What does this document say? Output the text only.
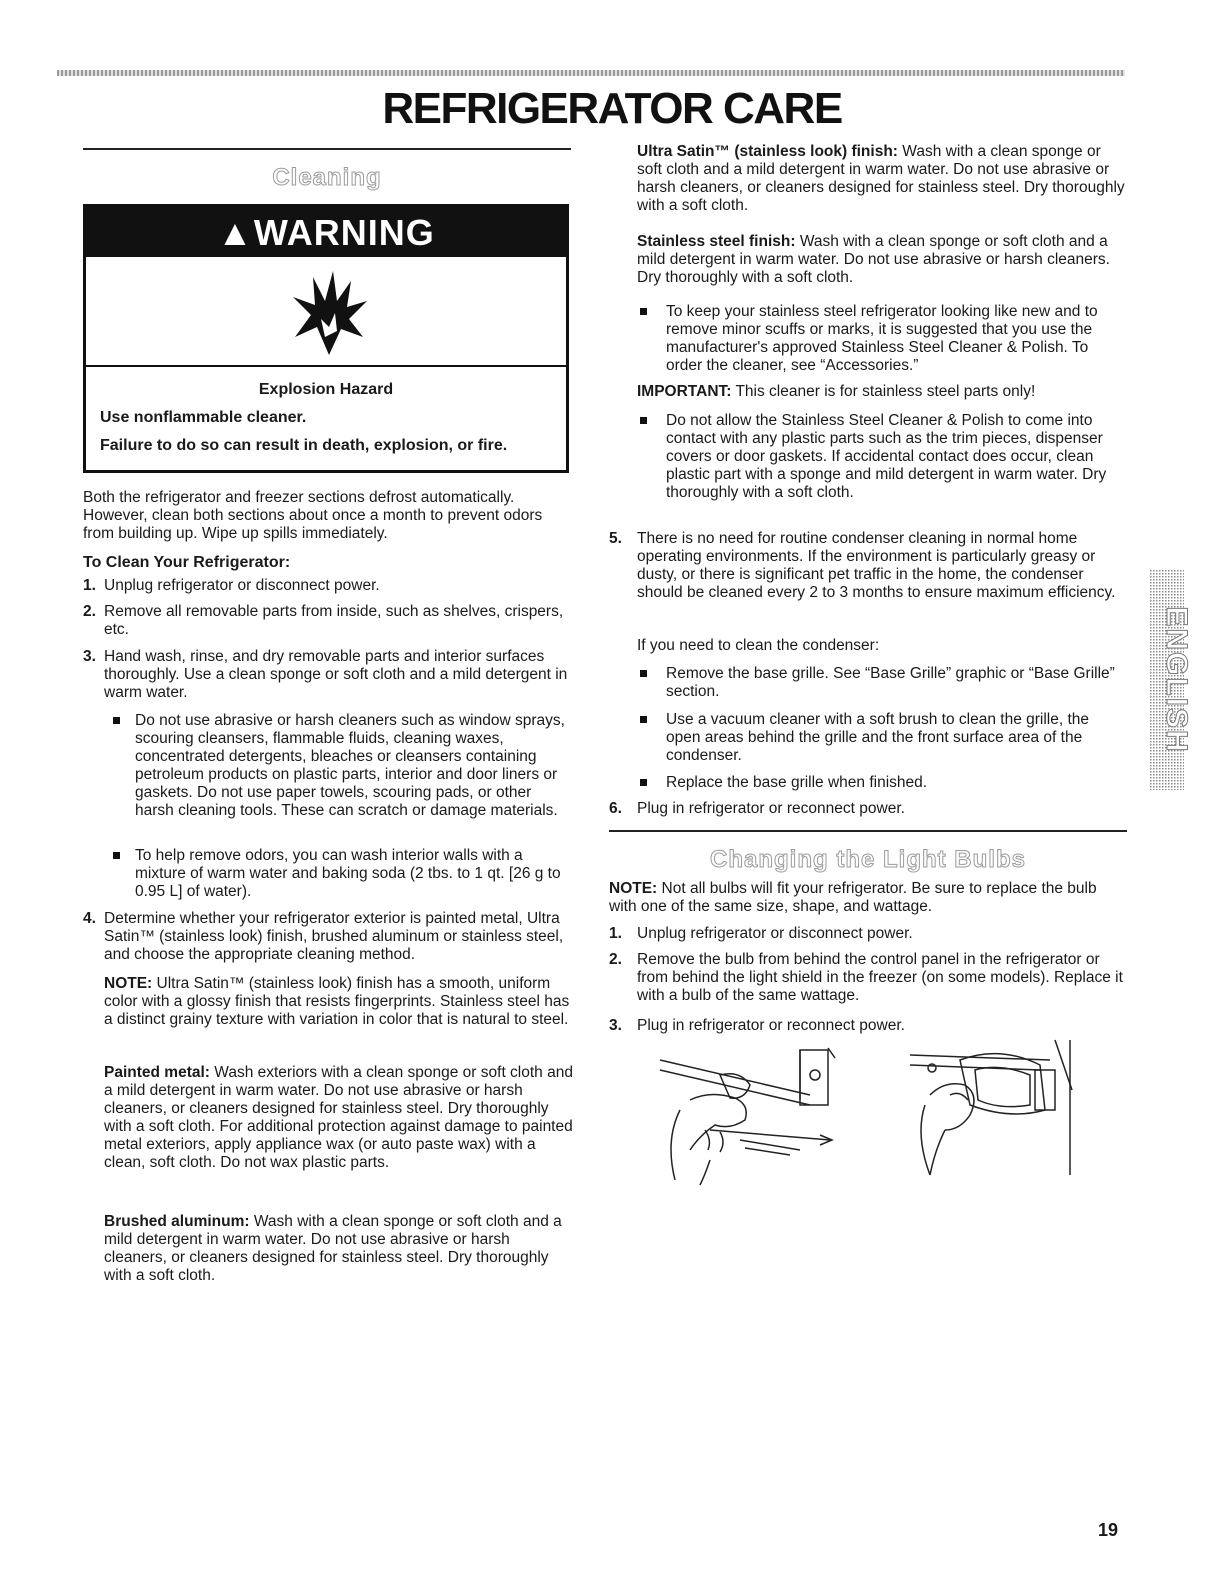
REFRIGERATOR CARE
Cleaning
▲WARNING

Explosion Hazard

Use nonflammable cleaner.

Failure to do so can result in death, explosion, or fire.

Both the refrigerator and freezer sections defrost automatically. However, clean both sections about once a month to prevent odors from building up. Wipe up spills immediately.

To Clean Your Refrigerator:

1. Unplug refrigerator or disconnect power.

2. Remove all removable parts from inside, such as shelves, crispers, etc.

3. Hand wash, rinse, and dry removable parts and interior surfaces thoroughly. Use a clean sponge or soft cloth and a mild detergent in warm water.

Do not use abrasive or harsh cleaners such as window sprays, scouring cleansers, flammable fluids, cleaning waxes, concentrated detergents, bleaches or cleansers containing petroleum products on plastic parts, interior and door liners or gaskets. Do not use paper towels, scouring pads, or other harsh cleaning tools. These can scratch or damage materials.

To help remove odors, you can wash interior walls with a mixture of warm water and baking soda (2 tbs. to 1 qt. [26 g to 0.95 L] of water).

4. Determine whether your refrigerator exterior is painted metal, Ultra Satin™ (stainless look) finish, brushed aluminum or stainless steel, and choose the appropriate cleaning method.

NOTE: Ultra Satin™ (stainless look) finish has a smooth, uniform color with a glossy finish that resists fingerprints. Stainless steel has a distinct grainy texture with variation in color that is natural to steel.

Painted metal: Wash exteriors with a clean sponge or soft cloth and a mild detergent in warm water. Do not use abrasive or harsh cleaners, or cleaners designed for stainless steel. Dry thoroughly with a soft cloth. For additional protection against damage to painted metal exteriors, apply appliance wax (or auto paste wax) with a clean, soft cloth. Do not wax plastic parts.

Brushed aluminum: Wash with a clean sponge or soft cloth and a mild detergent in warm water. Do not use abrasive or harsh cleaners, or cleaners designed for stainless steel. Dry thoroughly with a soft cloth.

Ultra Satin™ (stainless look) finish: Wash with a clean sponge or soft cloth and a mild detergent in warm water. Do not use abrasive or harsh cleaners, or cleaners designed for stainless steel. Dry thoroughly with a soft cloth.

Stainless steel finish: Wash with a clean sponge or soft cloth and a mild detergent in warm water. Do not use abrasive or harsh cleaners. Dry thoroughly with a soft cloth.

To keep your stainless steel refrigerator looking like new and to remove minor scuffs or marks, it is suggested that you use the manufacturer's approved Stainless Steel Cleaner & Polish. To order the cleaner, see “Accessories.”

IMPORTANT: This cleaner is for stainless steel parts only!

Do not allow the Stainless Steel Cleaner & Polish to come into contact with any plastic parts such as the trim pieces, dispenser covers or door gaskets. If accidental contact does occur, clean plastic part with a sponge and mild detergent in warm water. Dry thoroughly with a soft cloth.

5. There is no need for routine condenser cleaning in normal home operating environments. If the environment is particularly greasy or dusty, or there is significant pet traffic in the home, the condenser should be cleaned every 2 to 3 months to ensure maximum efficiency.

If you need to clean the condenser:

Remove the base grille. See “Base Grille” graphic or “Base Grille” section.

Use a vacuum cleaner with a soft brush to clean the grille, the open areas behind the grille and the front surface area of the condenser.

Replace the base grille when finished.

6. Plug in refrigerator or reconnect power.

Changing the Light Bulbs

NOTE: Not all bulbs will fit your refrigerator. Be sure to replace the bulb with one of the same size, shape, and wattage.

1. Unplug refrigerator or disconnect power.

2. Remove the bulb from behind the control panel in the refrigerator or from behind the light shield in the freezer (on some models). Replace it with a bulb of the same wattage.

3. Plug in refrigerator or reconnect power.

ENGLISH
19
